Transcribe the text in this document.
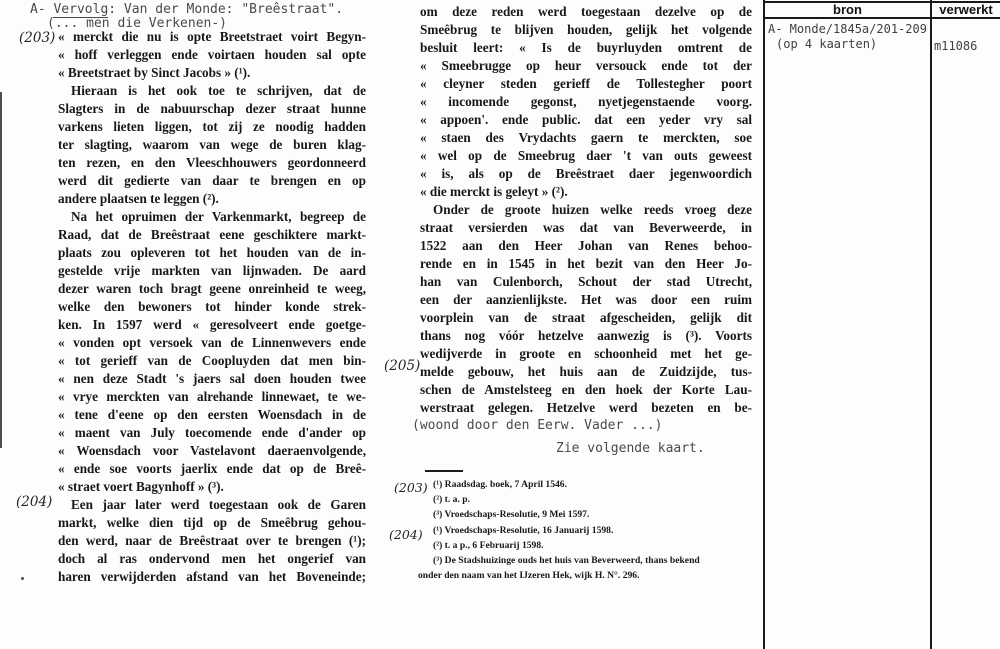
A- Vervolg: Van der Monde: "Breêstraat".
(... men die Verkenen-)
(203)
(204)
(205)
« merckt die nu is opte Breetstraet voirt Begyn-
« hoff verleggen ende voirtaen houden sal opte
« Breetstraet by Sinct Jacobs » (¹).
Hieraan is het ook toe te schrijven, dat de
Slagters in de nabuurschap dezer straat hunne
varkens lieten liggen, tot zij ze noodig hadden
ter slagting, waarom van wege de buren klag-
ten rezen, en den Vleeschhouwers geordonneerd
werd dit gedierte van daar te brengen en op
andere plaatsen te leggen (²).
Na het opruimen der Varkenmarkt, begreep de
Raad, dat de Breêstraat eene geschiktere markt-
plaats zou opleveren tot het houden van de in-
gestelde vrije markten van lijnwaden. De aard
dezer waren toch bragt geene onreinheid te weeg,
welke den bewoners tot hinder konde strek-
ken. In 1597 werd « geresolveert ende goetge-
« vonden opt versoek van de Linnenwevers ende
« tot gerieff van de Coopluyden dat men bin-
« nen deze Stadt 's jaers sal doen houden twee
« vrye merckten van alrehande linnewaet, te we-
« tene d'eene op den eersten Woensdach in de
« maent van July toecomende ende d'ander op
« Woensdach voor Vastelavont daeraenvolgende,
« ende soe voorts jaerlix ende dat op de Breê-
« straet voert Bagynhoff » (³).
Een jaar later werd toegestaan ook de Garen
markt, welke dien tijd op de Smeêbrug gehou-
den werd, naar de Breêstraat over te brengen (¹);
doch al ras ondervond men het ongerief van
haren verwijderden afstand van het Boveneinde;
om deze reden werd toegestaan dezelve op de
Smeêbrug te blijven houden, gelijk het volgende
besluit leert: « Is de buyrluyden omtrent de
« Smeebrugge op heur versouck ende tot der
« cleyner steden gerieff de Tollestegher poort
« incomende gegonst, nyetjegenstaende voorg.
« appoen'. ende public. dat een yeder vry sal
« staen des Vrydachts gaern te merckten, soe
« wel op de Smeebrug daer 't van outs geweest
« is, als op de Breêstraet daer jegenwoordich
« die merckt is geleyt » (²).
Onder de groote huizen welke reeds vroeg deze
straat versierden was dat van Beverweerde, in
1522 aan den Heer Johan van Renes behoo-
rende en in 1545 in het bezit van den Heer Jo-
han van Culenborch, Schout der stad Utrecht,
een der aanzienlijkste. Het was door een ruim
voorplein van de straat afgescheiden, gelijk dit
thans nog vóór hetzelve aanwezig is (³). Voorts
wedijverde in groote en schoonheid met het ge-
melde gebouw, het huis aan de Zuidzijde, tus-
schen de Amstelsteeg en den hoek der Korte Lau-
werstraat gelegen. Hetzelve werd bezeten en be-
(woond door den Eerw. Vader ...)
Zie volgende kaart.
(203)
(204)
(¹) Raadsdag. boek, 7 April 1546.
(²) t. a. p.
(³) Vroedschaps-Resolutie, 9 Mei 1597.
(¹) Vroedschaps-Resolutie, 16 Januarij 1598.
(²) t. a p., 6 Februarij 1598.
(³) De Stadshuizinge ouds het huis van Beverweerd, thans bekend
onder den naam van het IJzeren Hek, wijk H. N°. 296.
bron	verwerkt
A- Monde/1845a/201-209
(op 4 kaarten)	m11086
